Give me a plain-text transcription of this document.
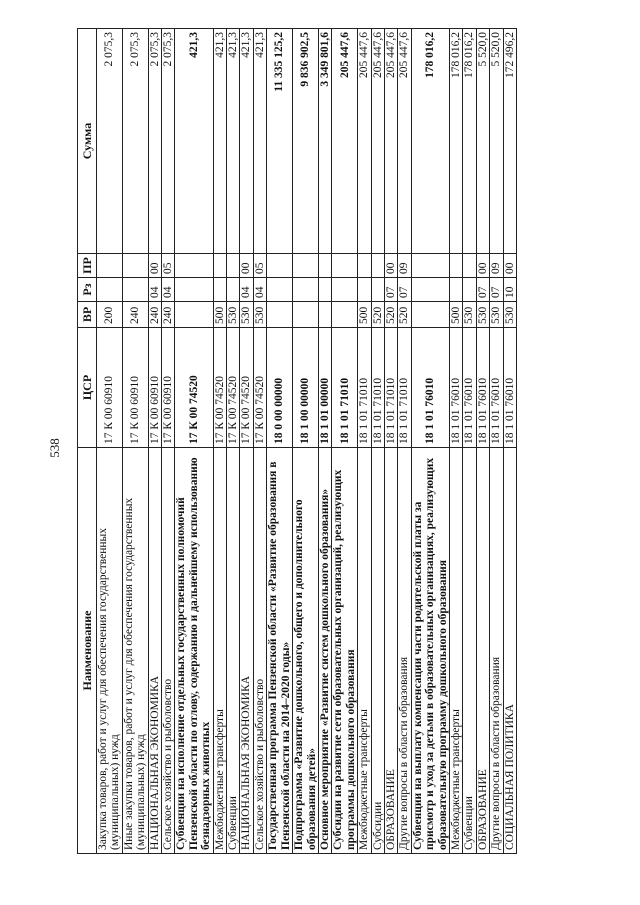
538
Наименование	ЦСР	ВР	Рз	ПР	Сумма
Закупка товаров, работ и услуг для обеспечения государственных (муниципальных) нужд	17 К 00 60910	200			2 075,3
Иные закупки товаров, работ и услуг для обеспечения государственных (муниципальных) нужд	17 К 00 60910	240			2 075,3
НАЦИОНАЛЬНАЯ ЭКОНОМИКА	17 К 00 60910	240	04	00	2 075,3
Сельское хозяйство и рыболовство	17 К 00 60910	240	04	05	2 075,3
Субвенции на исполнение отдельных государственных полномочий Пензенской области по отлову, содержанию и дальнейшему использованию безнадзорных животных	17 К 00 74520				421,3
Межбюджетные трансферты	17 К 00 74520	500			421,3
Субвенции	17 К 00 74520	530			421,3
НАЦИОНАЛЬНАЯ ЭКОНОМИКА	17 К 00 74520	530	04	00	421,3
Сельское хозяйство и рыболовство	17 К 00 74520	530	04	05	421,3
Государственная программа Пензенской области «Развитие образования в Пензенской области на 2014–2020 годы»	18 0 00 00000				11 335 125,2
Подпрограмма «Развитие дошкольного, общего и дополнительного образования детей»	18 1 00 00000				9 836 902,5
Основное мероприятие «Развитие систем дошкольного образования»	18 1 01 00000				3 349 801,6
Субсидии на развитие сети образовательных организаций, реализующих программы дошкольного образования	18 1 01 71010				205 447,6
Межбюджетные трансферты	18 1 01 71010	500			205 447,6
Субсидии	18 1 01 71010	520			205 447,6
ОБРАЗОВАНИЕ	18 1 01 71010	520	07	00	205 447,6
Другие вопросы в области образования	18 1 01 71010	520	07	09	205 447,6
Субвенции на выплату компенсации части родительской платы за присмотр и уход за детьми в образовательных организациях, реализующих образовательную программу дошкольного образования	18 1 01 76010				178 016,2
Межбюджетные трансферты	18 1 01 76010	500			178 016,2
Субвенции	18 1 01 76010	530			178 016,2
ОБРАЗОВАНИЕ	18 1 01 76010	530	07	00	5 520,0
Другие вопросы в области образования	18 1 01 76010	530	07	09	5 520,0
СОЦИАЛЬНАЯ ПОЛИТИКА	18 1 01 76010	530	10	00	172 496,2
